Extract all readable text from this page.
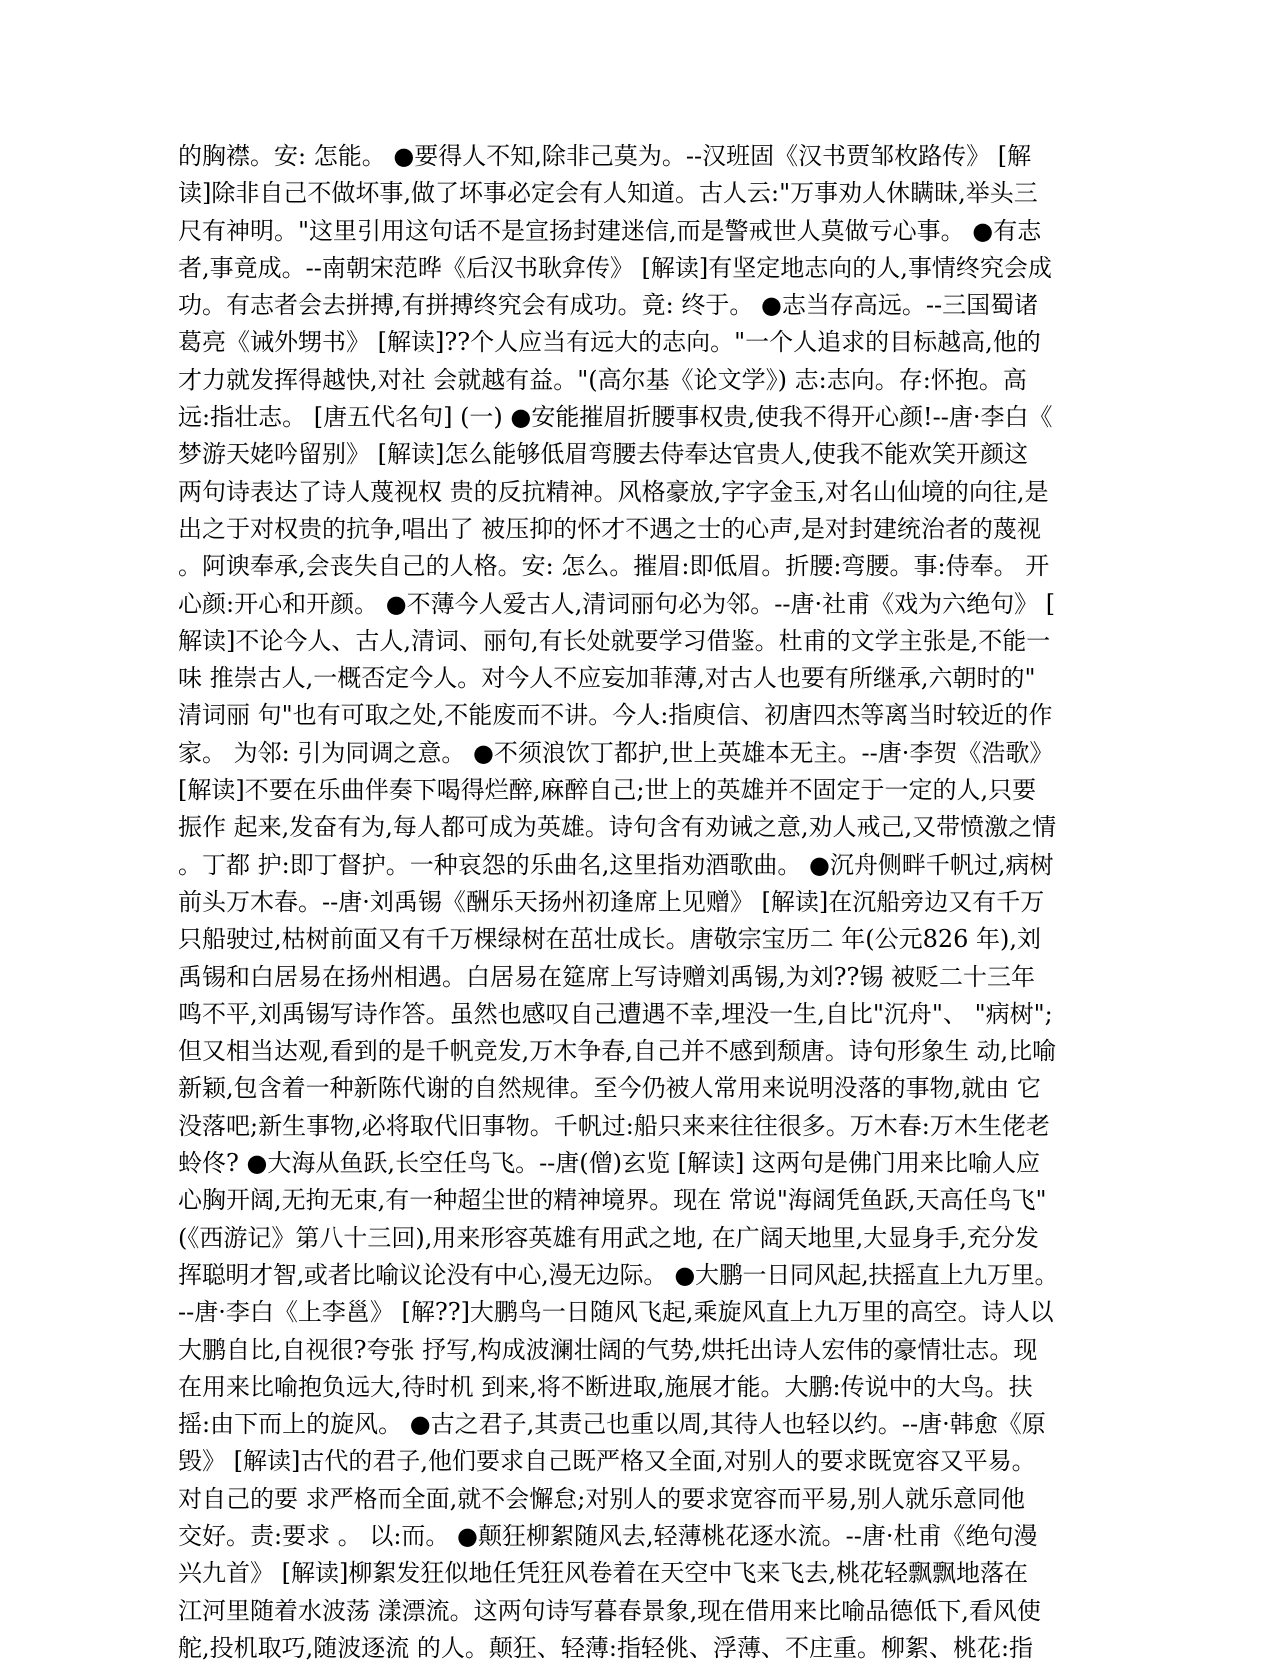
的胸襟。安: 怎能。 ●要得人不知,除非己莫为。--汉班固《汉书贾邹枚路传》 [解
读]除非自己不做坏事,做了坏事必定会有人知道。古人云:"万事劝人休瞒昧,举头三
尺有神明。"这里引用这句话不是宣扬封建迷信,而是警戒世人莫做亏心事。 ●有志
者,事竟成。--南朝宋范晔《后汉书耿弇传》 [解读]有坚定地志向的人,事情终究会成
功。有志者会去拼搏,有拼搏终究会有成功。竟: 终于。 ●志当存高远。--三国蜀诸
葛亮《诫外甥书》 [解读]??个人应当有远大的志向。"一个人追求的目标越高,他的
才力就发挥得越快,对社 会就越有益。"(高尔基《论文学》) 志:志向。存:怀抱。高
远:指壮志。 [唐五代名句] (一) ●安能摧眉折腰事权贵,使我不得开心颜!--唐·李白《
梦游天姥吟留别》 [解读]怎么能够低眉弯腰去侍奉达官贵人,使我不能欢笑开颜这
两句诗表达了诗人蔑视权 贵的反抗精神。风格豪放,字字金玉,对名山仙境的向往,是
出之于对权贵的抗争,唱出了 被压抑的怀才不遇之士的心声,是对封建统治者的蔑视
。阿谀奉承,会丧失自己的人格。安: 怎么。摧眉:即低眉。折腰:弯腰。事:侍奉。 开
心颜:开心和开颜。 ●不薄今人爱古人,清词丽句必为邻。--唐·社甫《戏为六绝句》 [
解读]不论今人、古人,清词、丽句,有长处就要学习借鉴。杜甫的文学主张是,不能一
味 推崇古人,一概否定今人。对今人不应妄加菲薄,对古人也要有所继承,六朝时的"
清词丽 句"也有可取之处,不能废而不讲。今人:指庾信、初唐四杰等离当时较近的作
家。 为邻: 引为同调之意。 ●不须浪饮丁都护,世上英雄本无主。--唐·李贺《浩歌》
[解读]不要在乐曲伴奏下喝得烂醉,麻醉自己;世上的英雄并不固定于一定的人,只要
振作 起来,发奋有为,每人都可成为英雄。诗句含有劝诫之意,劝人戒己,又带愤激之情
。丁都 护:即丁督护。一种哀怨的乐曲名,这里指劝酒歌曲。 ●沉舟侧畔千帆过,病树
前头万木春。--唐·刘禹锡《酬乐天扬州初逢席上见赠》 [解读]在沉船旁边又有千万
只船驶过,枯树前面又有千万棵绿树在茁壮成长。唐敬宗宝历二 年(公元826 年),刘
禹锡和白居易在扬州相遇。白居易在筵席上写诗赠刘禹锡,为刘??锡 被贬二十三年
鸣不平,刘禹锡写诗作答。虽然也感叹自己遭遇不幸,埋没一生,自比"沉舟"、 "病树";
但又相当达观,看到的是千帆竞发,万木争春,自己并不感到颓唐。诗句形象生 动,比喻
新颖,包含着一种新陈代谢的自然规律。至今仍被人常用来说明没落的事物,就由 它
没落吧;新生事物,必将取代旧事物。千帆过:船只来来往往很多。万木春:万木生佬老
蛉佟? ●大海从鱼跃,长空任鸟飞。--唐(僧)玄览 [解读] 这两句是佛门用来比喻人应
心胸开阔,无拘无束,有一种超尘世的精神境界。现在 常说"海阔凭鱼跃,天高任鸟飞"
(《西游记》第八十三回),用来形容英雄有用武之地, 在广阔天地里,大显身手,充分发
挥聪明才智,或者比喻议论没有中心,漫无边际。 ●大鹏一日同风起,扶摇直上九万里。
--唐·李白《上李邕》 [解??]大鹏鸟一日随风飞起,乘旋风直上九万里的高空。诗人以
大鹏自比,自视很?夸张 抒写,构成波澜壮阔的气势,烘托出诗人宏伟的豪情壮志。现
在用来比喻抱负远大,待时机 到来,将不断进取,施展才能。大鹏:传说中的大鸟。扶
摇:由下而上的旋风。 ●古之君子,其责己也重以周,其待人也轻以约。--唐·韩愈《原
毁》 [解读]古代的君子,他们要求自己既严格又全面,对别人的要求既宽容又平易。
对自己的要 求严格而全面,就不会懈怠;对别人的要求宽容而平易,别人就乐意同他
交好。责:要求 。 以:而。 ●颠狂柳絮随风去,轻薄桃花逐水流。--唐·杜甫《绝句漫
兴九首》 [解读]柳絮发狂似地任凭狂风卷着在天空中飞来飞去,桃花轻飘飘地落在
江河里随着水波荡 漾漂流。这两句诗写暮春景象,现在借用来比喻品德低下,看风使
舵,投机取巧,随波逐流 的人。颠狂、轻薄:指轻佻、浮薄、不庄重。柳絮、桃花:指
